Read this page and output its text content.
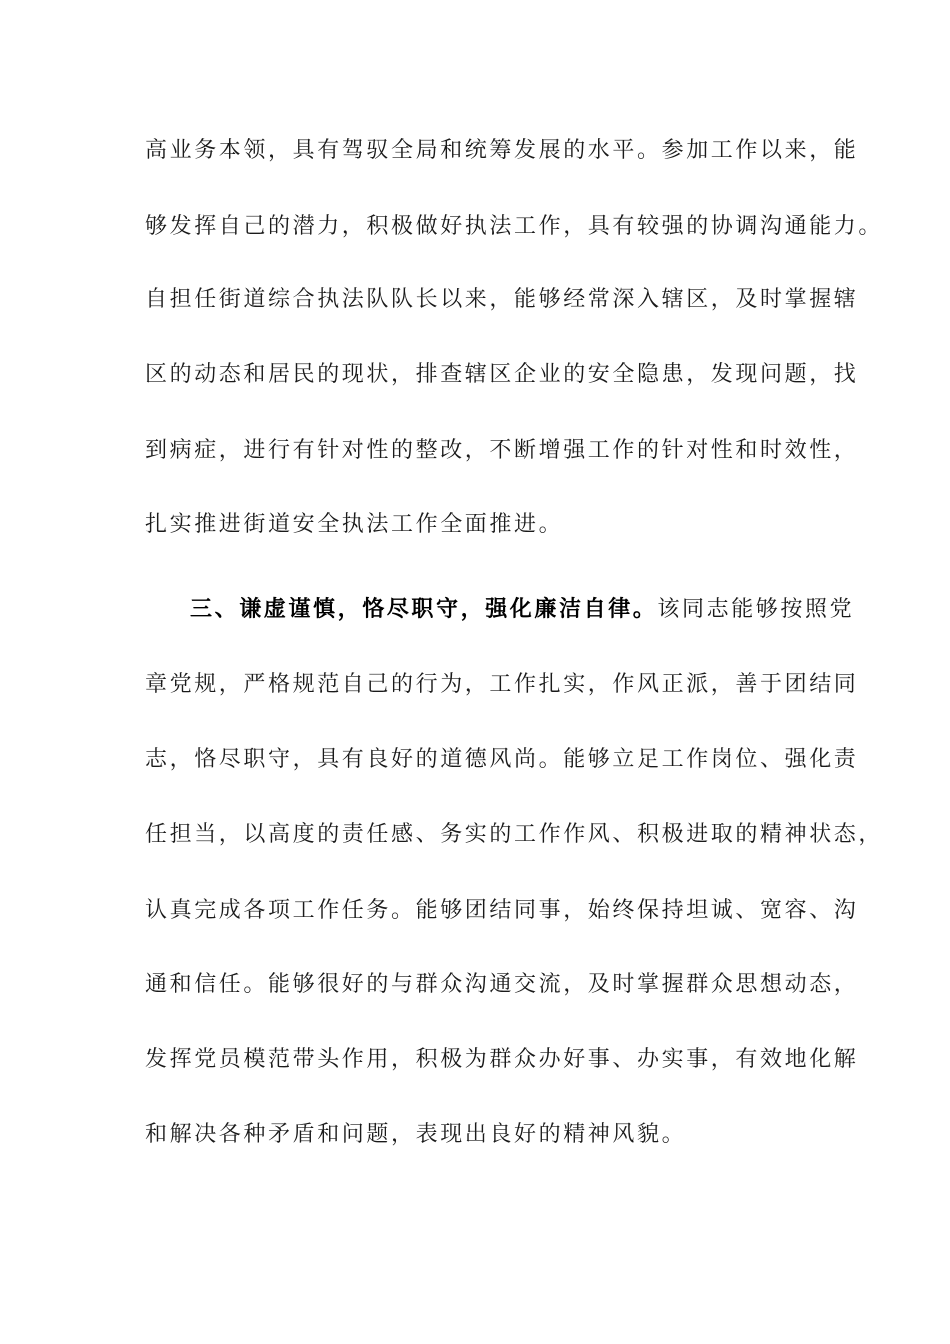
高业务本领，具有驾驭全局和统筹发展的水平。参加工作以来，能
够发挥自己的潜力，积极做好执法工作，具有较强的协调沟通能力。
自担任街道综合执法队队长以来，能够经常深入辖区，及时掌握辖
区的动态和居民的现状，排查辖区企业的安全隐患，发现问题，找
到病症，进行有针对性的整改，不断增强工作的针对性和时效性，
扎实推进街道安全执法工作全面推进。
三、谦虚谨慎，恪尽职守，强化廉洁自律。该同志能够按照党
章党规，严格规范自己的行为，工作扎实，作风正派，善于团结同
志，恪尽职守，具有良好的道德风尚。能够立足工作岗位、强化责
任担当，以高度的责任感、务实的工作作风、积极进取的精神状态，
认真完成各项工作任务。能够团结同事，始终保持坦诚、宽容、沟
通和信任。能够很好的与群众沟通交流，及时掌握群众思想动态，
发挥党员模范带头作用，积极为群众办好事、办实事，有效地化解
和解决各种矛盾和问题，表现出良好的精神风貌。
